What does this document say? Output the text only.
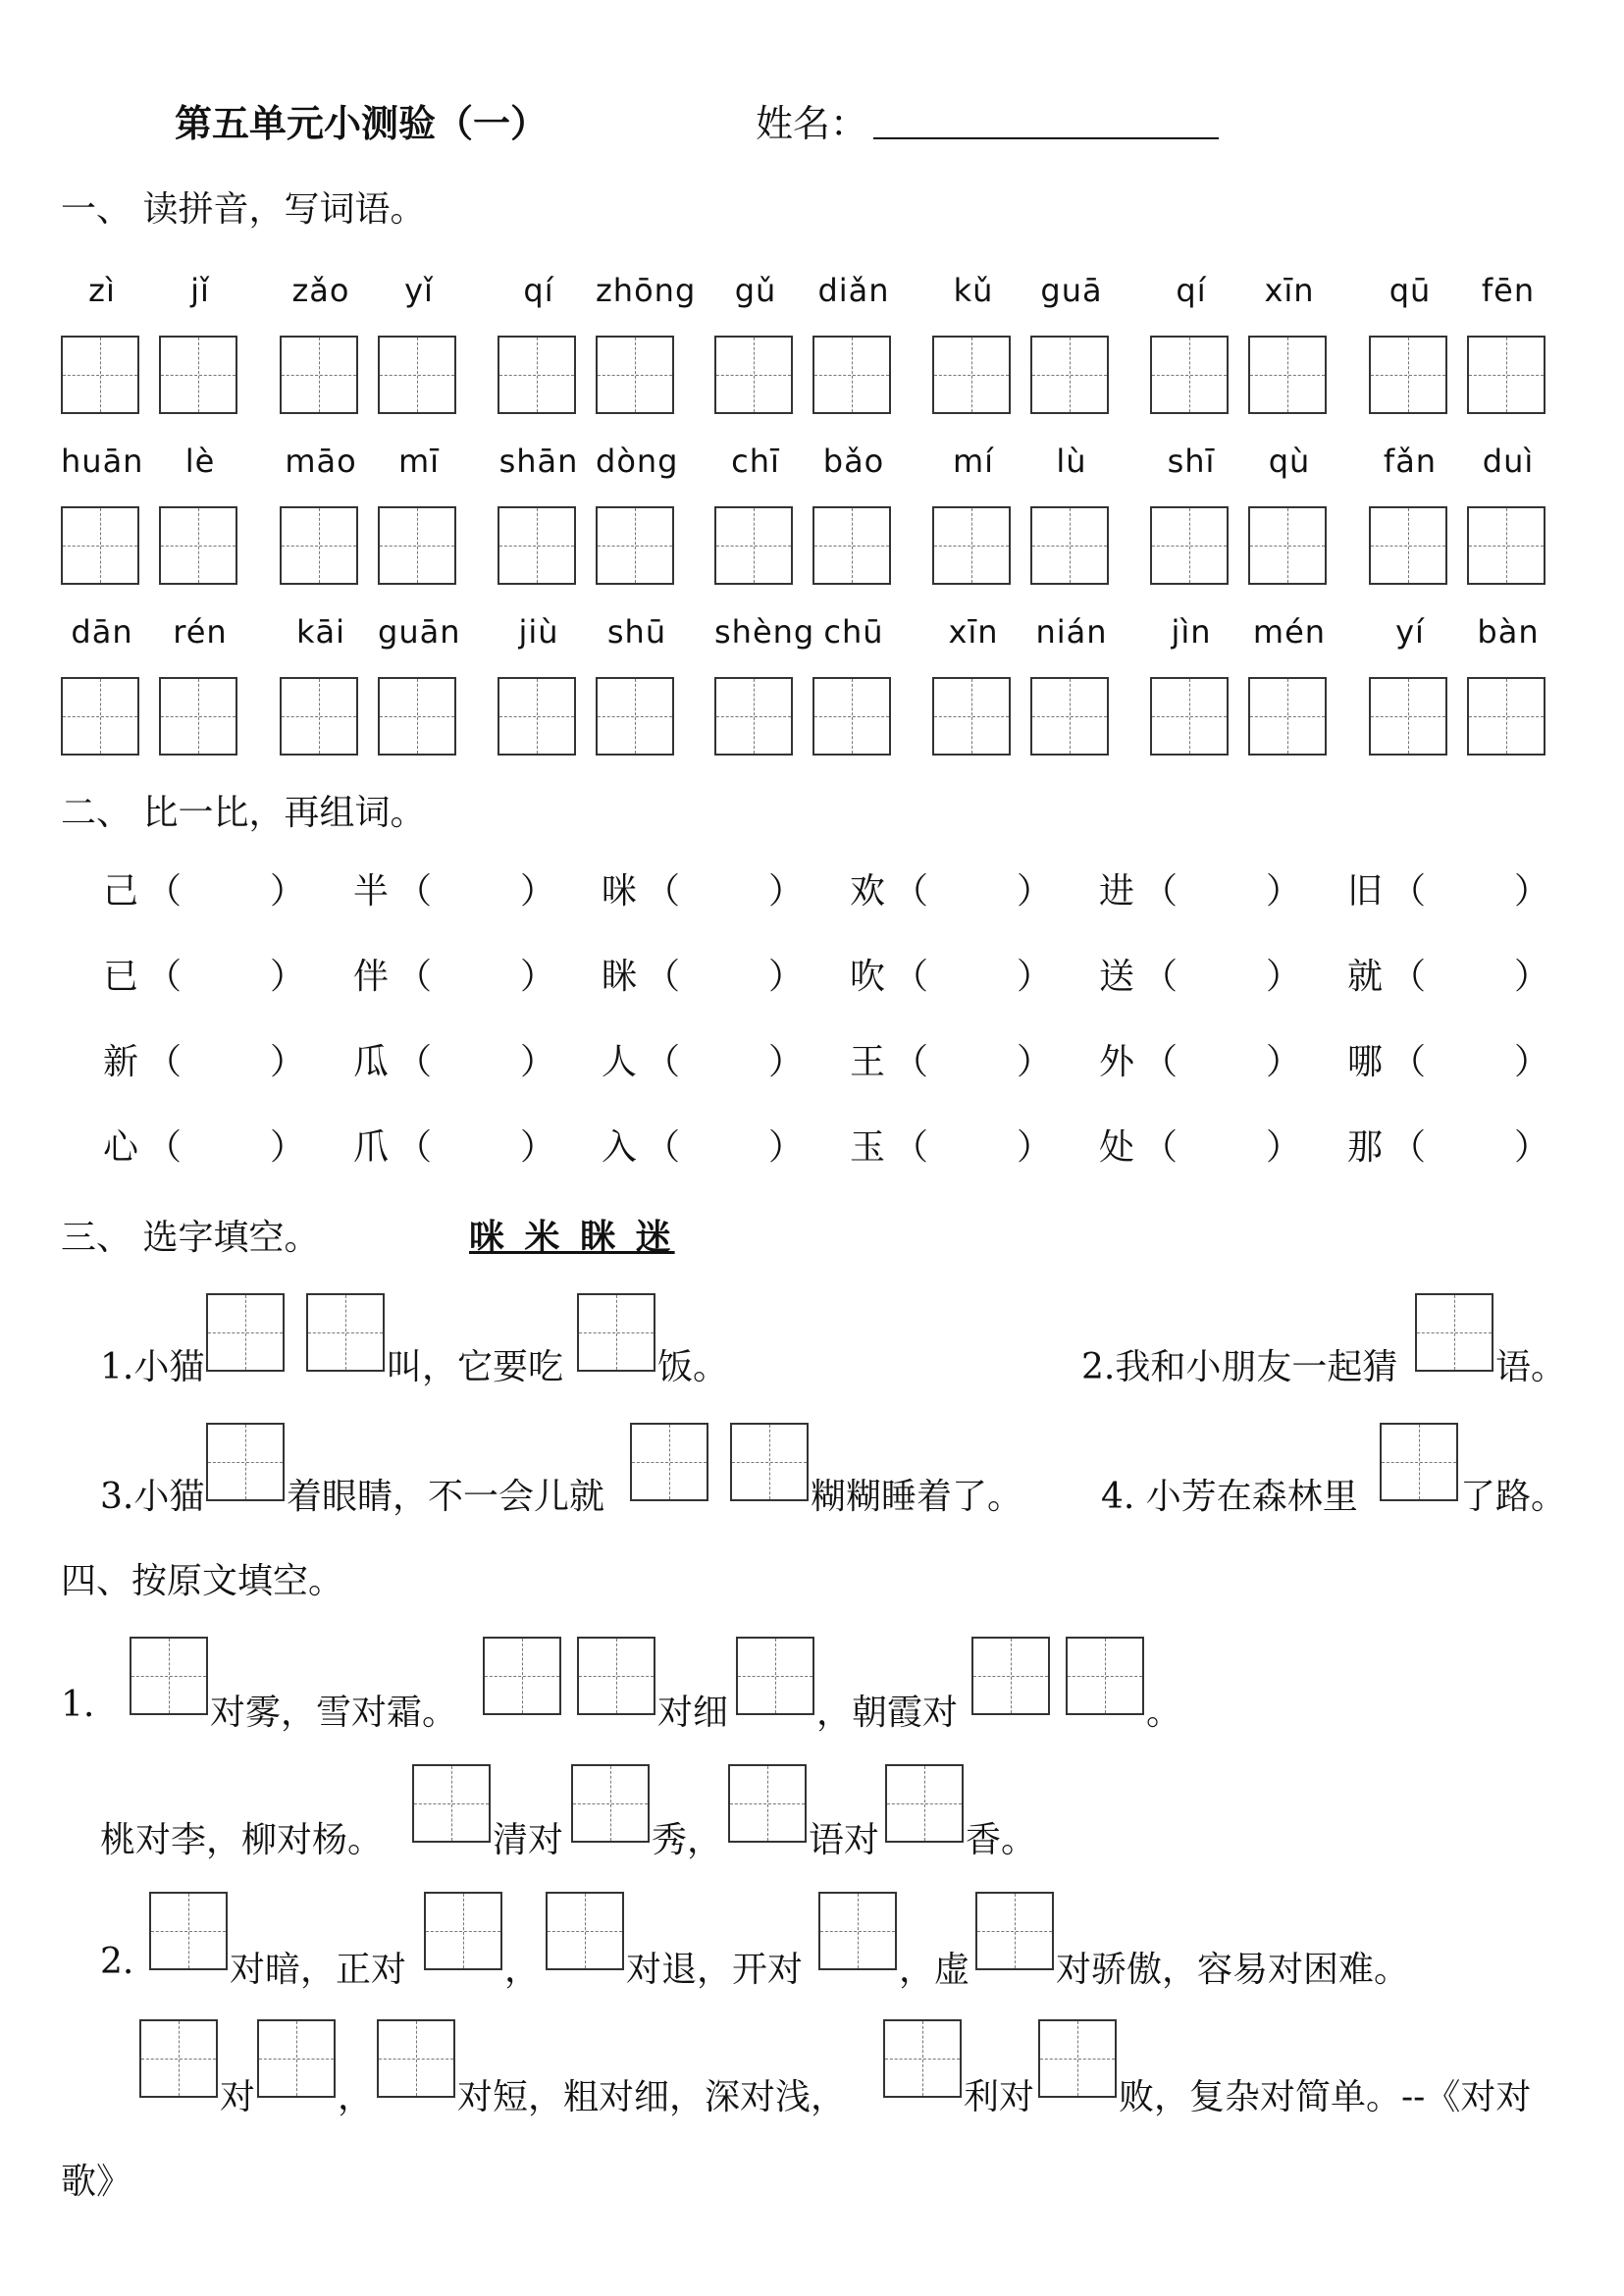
第五单元小测验（一）	姓名：
一、 读拼音，写词语。
zì	jǐ	zǎo	yǐ	qí	zhōng	gǔ	diǎn	kǔ	guā	qí	xīn	qū	fēn
huān	lè	māo	mī	shān dòng	chī	bǎo	mí	lù	shī	qù	fǎn	duì
dān	rén	kāi	guān	jiù	shū	shèng chū	xīn	nián	jìn	mén	yí	bàn
二、 比一比，再组词。
己 （ ） 半 （ ） 咪 （ ） 欢 （ ） 进 （ ） 旧 （ ）
已 （ ） 伴 （ ） 眯 （ ） 吹 （ ） 送 （ ） 就 （ ）
新 （ ） 瓜 （ ） 人 （ ） 王 （ ） 外 （ ） 哪 （ ）
心 （ ） 爪 （ ） 入 （ ） 玉 （ ） 处 （ ） 那 （ ）
三、 选字填空。	咪 米 眯 迷
1.小猫	叫，它要吃	饭。	2.我和小朋友一起猜	语。
3.小猫 着眼睛，不一会儿就	糊糊睡着了。 4. 小芳在森林里	了路。
四、按原文填空。
1.	对雾，雪对霜。	对细 ，朝霞对	。
桃对李，柳对杨。	清对 秀， 语对 香。
2.	对暗，正对	， 对退，开对	，虚 对骄傲，容易对困难。
对 ， 对短，粗对细，深对浅，	利对 败，复杂对简单。--《对对
歌》
